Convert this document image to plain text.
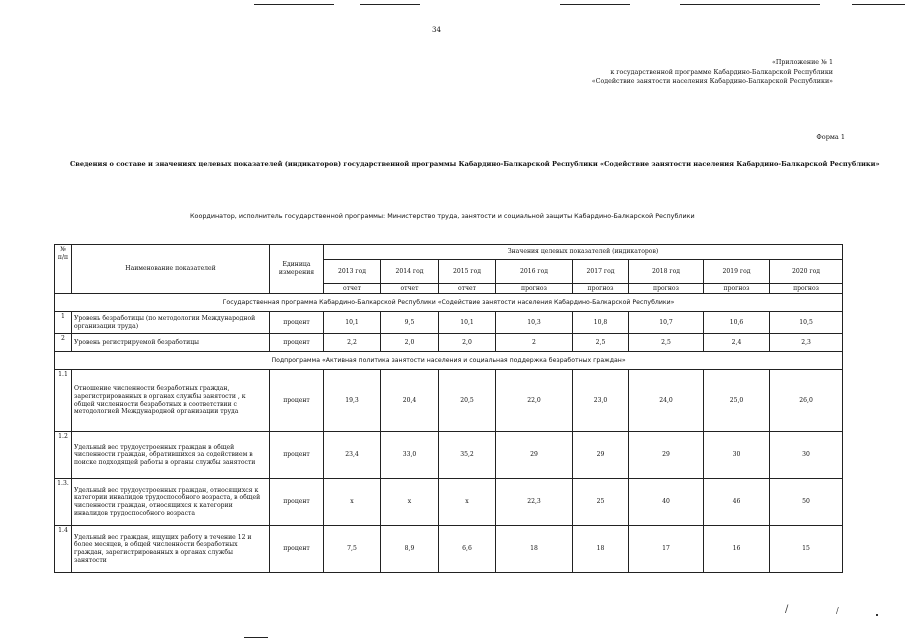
34
«Приложение № 1
к государственной программе Кабардино-Балкарской Республики
«Содействие занятости населения Кабардино-Балкарской Республики»
Форма 1
Сведения о составе и значениях целевых показателей (индикаторов) государственной программы Кабардино-Балкарской Республики «Содействие занятости населения Кабардино-Балкарской Республики»
Координатор, исполнитель государственной программы: Министерство труда, занятости и социальной защиты Кабардино-Балкарской Республики
№ п/п	Наименование показателей	Единица измерения	Значения целевых показателей (индикаторов)							
			2013 год	2014 год	2015 год	2016 год	2017 год	2018 год	2019 год	2020 год
			отчет	отчет	отчет	прогноз	прогноз	прогноз	прогноз	прогноз
Государственная программа Кабардино-Балкарской Республики «Содействие занятости населения Кабардино-Балкарской Республики»										
1	Уровень безработицы (по методологии Международной организации труда)	процент	10,1	9,5	10,1	10,3	10,8	10,7	10,6	10,5
2	Уровень регистрируемой безработицы	процент	2,2	2,0	2,0	2	2,5	2,5	2,4	2,3
Подпрограмма «Активная политика занятости населения и социальная поддержка безработных граждан»										
1.1	Отношение численности безработных граждан, зарегистрированных в органах службы занятости , к общей численности безработных в соответствии с методологией Международной организации труда	процент	19,3	20,4	20,5	22,0	23,0	24,0	25,0	26,0
1.2	Удельный вес трудоустроенных граждан в общей численности граждан, обратившихся за содействием в поиске подходящей работы в органы службы занятости	процент	23,4	33,0	35,2	29	29	29	30	30
1.3.	Удельный вес трудоустроенных граждан, относящихся к категории инвалидов трудоспособного возраста, в общей численности граждан, относящихся к категории инвалидов трудоспособного возраста	процент	х	х	х	22,3	25	40	46	50
1.4	Удельный вес граждан, ищущих работу в течение 12 и более месяцев, в общей численности безработных граждан, зарегистрированных в органах службы занятости	процент	7,5	8,9	6,6	18	18	17	16	15
/	/
